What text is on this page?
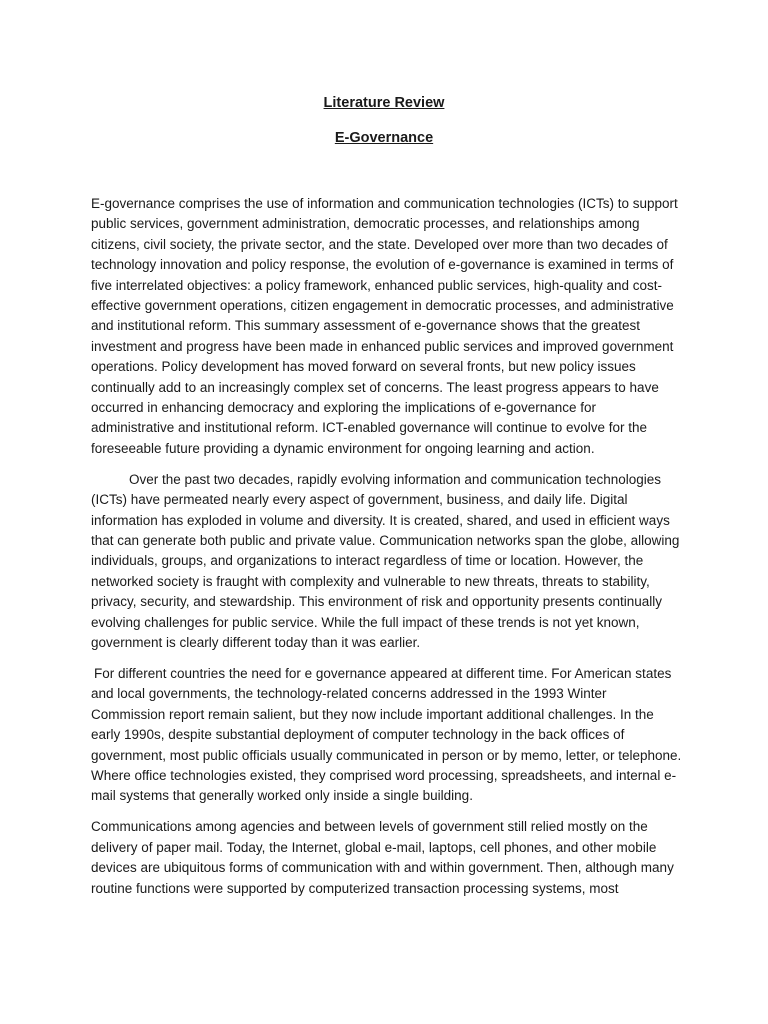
Literature Review
E-Governance

E-governance comprises the use of information and communication technologies (ICTs) to support public services, government administration, democratic processes, and relationships among citizens, civil society, the private sector, and the state. Developed over more than two decades of technology innovation and policy response, the evolution of e-governance is examined in terms of five interrelated objectives: a policy framework, enhanced public services, high-quality and cost-effective government operations, citizen engagement in democratic processes, and administrative and institutional reform. This summary assessment of e-governance shows that the greatest investment and progress have been made in enhanced public services and improved government operations. Policy development has moved forward on several fronts, but new policy issues continually add to an increasingly complex set of concerns. The least progress appears to have occurred in enhancing democracy and exploring the implications of e-governance for administrative and institutional reform. ICT-enabled governance will continue to evolve for the foreseeable future providing a dynamic environment for ongoing learning and action.

Over the past two decades, rapidly evolving information and communication technologies (ICTs) have permeated nearly every aspect of government, business, and daily life. Digital information has exploded in volume and diversity. It is created, shared, and used in efficient ways that can generate both public and private value. Communication networks span the globe, allowing individuals, groups, and organizations to interact regardless of time or location. However, the networked society is fraught with complexity and vulnerable to new threats, threats to stability, privacy, security, and stewardship. This environment of risk and opportunity presents continually evolving challenges for public service. While the full impact of these trends is not yet known, government is clearly different today than it was earlier.

For different countries the need for e governance appeared at different time. For American states and local governments, the technology-related concerns addressed in the 1993 Winter Commission report remain salient, but they now include important additional challenges. In the early 1990s, despite substantial deployment of computer technology in the back offices of government, most public officials usually communicated in person or by memo, letter, or telephone. Where office technologies existed, they comprised word processing, spreadsheets, and internal e-mail systems that generally worked only inside a single building.

Communications among agencies and between levels of government still relied mostly on the delivery of paper mail. Today, the Internet, global e-mail, laptops, cell phones, and other mobile devices are ubiquitous forms of communication with and within government. Then, although many routine functions were supported by computerized transaction processing systems, most
